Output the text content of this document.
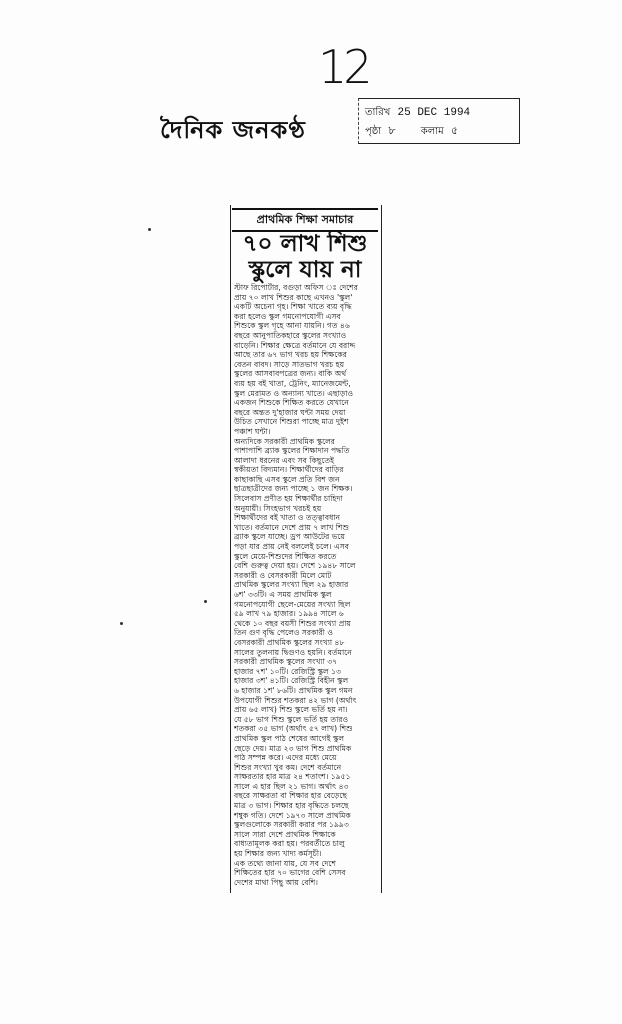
12
দৈনিক জনকণ্ঠ
তারিখ 25 DEC 1994
পৃষ্ঠা ৮	কলাম ৫
প্রাথমিক শিক্ষা সমাচার
৭০ লাখ শিশু
স্কুলে যায় না
স্টাফ রিপোর্টার, বগুড়া অফিস ঃ দেশের
প্রায় ৭০ লাখ শিশুর কাছে এখনও 'স্কুল'
একটি অচেনা গৃহ। শিক্ষা খাতে ব্যয় বৃদ্ধি
করা হলেও স্কুল গমনোপযোগী এসব
শিশুকে স্কুল গৃহে আনা যায়নি। গত ৪৬
বছরে আনুপাতিকহারে স্কুলের সংখ্যাও
বাড়েনি। শিক্ষার ক্ষেত্রে বর্তমানে যে বরাদ্দ
আছে তার ৬৭ ভাগ খরচ হয় শিক্ষকের
বেতন বাবদ। সাড়ে সাতভাগ খরচ হয়
স্কুলের আসবাবপত্রের জন্য। বাকি অর্থ
ব্যয় হয় বই খাতা, ট্রেনিং, ম্যানেজমেন্ট,
স্কুল মেরামত ও অন্যান্য খাতে। এছাড়াও
একজন শিশুকে শিক্ষিত করতে যেখানে
বছরে অন্তত দু'হাজার ঘন্টা সময় দেয়া
উচিত সেখানে শিশুরা পাচ্ছে মাত্র দুইশ
পঞ্চাশ ঘন্টা।
অন্যদিকে সরকারী প্রাথমিক স্কুলের
পাশাপাশি ব্র্যাক স্কুলের শিক্ষাদান পদ্ধতি
আলাদা ধরনের এবং সব কিছুতেই
স্বকীয়তা বিদ্যমান। শিক্ষার্থীদের বাড়ির
কাছাকাছি এসব স্কুলে প্রতি বিশ জন
ছাত্রছাত্রীদের জন্য পাচ্ছে ১ জন শিক্ষক।
সিলেবাস প্রণীত হয় শিক্ষার্থীর চাহিদা
অনুযায়ী। সিংহভাগ খরচই হয়
শিক্ষার্থীদের বই খাতা ও তত্ত্বাবধান
খাতে। বর্তমানে দেশে প্রায় ৭ লাখ শিশু
ব্র্যাক স্কুলে যাচ্ছে। ড্রপ আউটের ভয়ে
পড়া যার প্রায় নেই বললেই চলে। এসব
স্কুলে মেয়ে-শিশুদের শিক্ষিত করতে
বেশি গুরুত্ব দেয়া হয়। দেশে ১৯৪৮ সালে
সরকারী ও বেসরকারী মিলে মোট
প্রাথমিক স্কুলের সংখ্যা ছিল ২৯ হাজার
৬শ' ৩৩টি। এ সময় প্রাথমিক স্কুল
গমনোপযোগী ছেলে-মেয়ের সংখ্যা ছিল
৫৯ লাখ ৭৯ হাজার। ১৯৯৪ সালে ৬
থেকে ১০ বছর বয়সী শিশুর সংখ্যা প্রায়
তিন গুণ বৃদ্ধি পেলেও সরকারী ও
বেসরকারী প্রাথমিক স্কুলের সংখ্যা ৪৮
সালের তুলনায় দ্বিগুণও হয়নি। বর্তমানে
সরকারী প্রাথমিক স্কুলের সংখ্যা ৩৭
হাজার ৭শ' ১০টি। রেজিস্ট্রি স্কুল ১৩
হাজার ৩শ' ৪১টি। রেজিস্ট্রি বিহীন স্কুল
৬ হাজার ১শ' ৮৬টি। প্রাথমিক স্কুল গমন
উপযোগী শিশুর শতকরা ৪২ ভাগ (অর্থাৎ
প্রায় ৬৫ লাখ) শিশু স্কুলে ভর্তি হয় না।
যে ৫৮ ভাগ শিশু স্কুলে ভর্তি হয় তারও
শতকরা ৩৫ ভাগ (অর্থাৎ ৫৭ লাখ) শিশু
প্রাথমিক স্কুল পাঠ শেষের আগেই স্কুল
ছেড়ে দেয়। মাত্র ২৩ ভাগ শিশু প্রাথমিক
পাঠ সম্পন্ন করে। এদের মধ্যে মেয়ে
শিশুর সংখ্যা খুব কম। দেশে বর্তমানে
সাক্ষরতার হার মাত্র ২৪ শতাংশ। ১৯৫১
সালে এ হার ছিল ২১ ভাগ। অর্থাৎ ৪৩
বছরে সাক্ষরতা বা শিক্ষার হার বেড়েছে
মাত্র ৩ ভাগ। শিক্ষার হার বৃদ্ধিতে চলছে
শম্বুক গতি। দেশে ১৯৭৩ সালে প্রাথমিক
স্কুলগুলোকে সরকারী করার পর ১৯৯৩
সালে সারা দেশে প্রাথমিক শিক্ষাকে
বাধ্যতামূলক করা হয়। পরবর্তীতে চালু
হয় শিক্ষার জন্য খাদ্য কর্মসূচী।
এক তথ্যে জানা যায়, যে সব দেশে
শিক্ষিতের হার ৭০ ভাগের বেশি সেসব
দেশের মাথা পিছু আয় বেশি।
